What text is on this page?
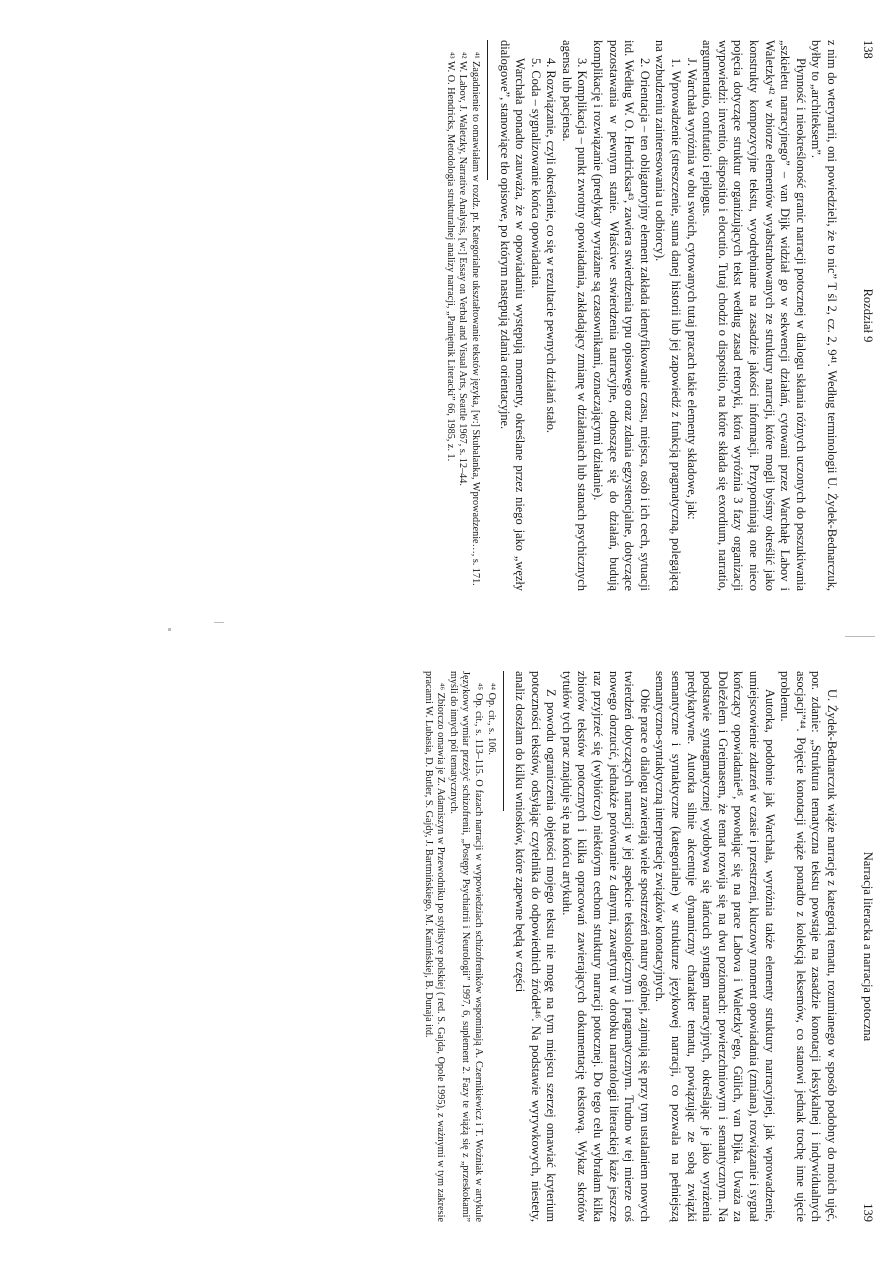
138
Rozdział 9

z nim do wterynarii, oni powiedzieli, że to nic” T śl 2, cz. 2, 9⁴¹. Według terminologii U. Żydek-Bednarczuk, byłby to „architeksem”.

Płynność i nieokreśloność granic narracji potocznej w dialogu skłania różnych uczonych do poszukiwania „szkieletu narracyjnego” – van Dijk widział go w sekwencji działań, cytowani przez Warchałę Labov i Waletzky⁴² w zbiorze elementów wyabstrahowanych ze struktury narracji, które mogli byśmy określić jako konstrukty kompozycyjne tekstu, wyodrębniane na zasadzie jakości informacji. Przypominają one nieco pojęcia dotyczące struktur organizujących tekst według zasad retoryki, która wyróżnia 3 fazy organizacji wypowiedzi: inventio, dispositio i elocutio. Tutaj chodzi o dispositio, na które składa się exordium, narratio, argumentatio, confutatio i epilogus.

J. Warchała wyróżnia w obu swoich, cytowanych tutaj pracach takie elementy składowe, jak:

1. Wprowadzenie (streszczenie, suma danej historii lub jej zapowiedź z funkcją pragmatyczną, polegającą na wzbudzeniu zainteresowania u odbiorcy).

2. Orientacja – ten obligatoryjny element zakłada identyfikowanie czasu, miejsca, osób i ich cech, sytuacji itd. Według W. O. Hendricksa⁴³, zawiera stwierdzenia typu opisowego oraz zdania egzystencjalne, dotyczące pozostawania w pewnym stanie. Właściwe stwierdzenia narracyjne, odnoszące się do działań, budują komplikację i rozwiązanie (predykaty wyrażane są czasownikami, oznaczającymi działanie).

3. Komplikacja – punkt zwrotny opowiadania, zakładający zmianę w działaniach lub stanach psychicznych agensa lub pacjensa.

4. Rozwiązanie, czyli określenie, co się w rezultacie pewnych działań stało.

5. Coda – sygnalizowanie końca opowiadania.

Warchała ponadto zauważa, że w opowiadaniu występują momenty, określane przez niego jako „węzły dialogowe”, stanowiące tło opisowe, po którym następują zdania orientacyjne.

⁴¹ Zagadnienie to omawiałam w rozdz. pt. Kategorialne ukształtowanie tekstów języka, [w:] Skubalanka, Wprowadzenie…, s. 171.

⁴² W. Labov, J. Waletzky, Narrative Analysis, [w:] Essay on Verbal and Visual Arts, Seattle 1967, s. 12–44.

⁴³ W. O. Hendricks, Metodologia strukturalnej analizy narracji, „Pamiętnik Literacki” 66, 1985, z. 1.

Narracja literacka a narracja potoczna
139

U. Żydek-Bednarczuk wiąże narrację z kategorią tematu, rozumianego w sposób podobny do moich ujęć, por. zdanie: „Struktura tematyczna tekstu powstaje na zasadzie konotacji leksykalnej i indywidualnych asocjacji”⁴⁴. Pojęcie konotacji wiąże ponadto z kolekcją leksemów, co stanowi jednak trochę inne ujęcie problemu.

Autorka, podobnie jak Warchała, wyróżnia także elementy struktury narracyjnej, jak wprowadzenie, umiejscowienie zdarzeń w czasie i przestrzeni, kluczowy moment opowiadania (zmiana), rozwiązanie i sygnał kończący opowiadanie⁴⁵, powołując się na prace Labova i Waletzky’ego, Gülich, van Dijka. Uważa za Doleželem i Greimasem, że temat rozwija się na dwu poziomach: powierzchniowym i semantycznym. Na podstawie syntagmatycznej wydobywa się łańcuch syntagm narracyjnych, określając je jako wyrażenia predykatywne. Autorka silnie akcentuje dynamiczny charakter tematu, powiązując ze sobą związki semantyczne i syntaktyczne (kategorialne) w strukturze językowej narracji, co pozwala na pełniejszą semantyczno-syntaktyczną interpretację związków konotacyjnych.

Obie prace o dialogu zawierają wiele spostrzeżeń natury ogólnej, zajmują się przy tym ustalaniem nowych twierdzeń dotyczących narracji w jej aspekcie tekstologicznym i pragmatycznym. Trudno w tej mierze coś nowego dorzucić, jednakże porównanie z danymi, zawartymi w dorobku narratologii literackiej każe jeszcze raz przyjrzeć się (wybiórczo) niektórym cechom struktury narracji potocznej. Do tego celu wybrałam kilka zbiorów tekstów potocznych i kilka opracowań zawierających dokumentację tekstową. Wykaz skrótów tytułów tych prac znajduje się na końcu artykułu.

Z powodu ograniczenia objętości mojego tekstu nie mogę na tym miejscu szerzej omawiać kryterium potoczności tekstów, odsyłając czytelnika do odpowiednich źródeł⁴⁶. Na podstawie wyrywkowych, niestety, analiz doszłam do kilku wniosków, które zapewne będą w części

⁴⁴ Op. cit., s. 106.

⁴⁵ Op. cit., s. 113–115. O fazach narracji w wypowiedziach schizofreników wspominają A. Czernikiewicz i T. Woźniak w artykule Językowy wymiar przeżyć schizofrenii, „Postępy Psychiatrii i Neurologii” 1997, 6, suplement 2. Fazy te wiążą się z „przeskokami” myśli do innych pól tematycznych.

⁴⁶ Zbiorczo omawia je Z. Adamiszyn w Przewodniku po stylistyce polskiej ( red. S. Gajda, Opole 1995), z ważnymi w tym zakresie pracami W. Lubasia, D. Butler, S. Gajdy, J. Bartmińskiego, M. Kamińskiej, B. Dunaja itd.
